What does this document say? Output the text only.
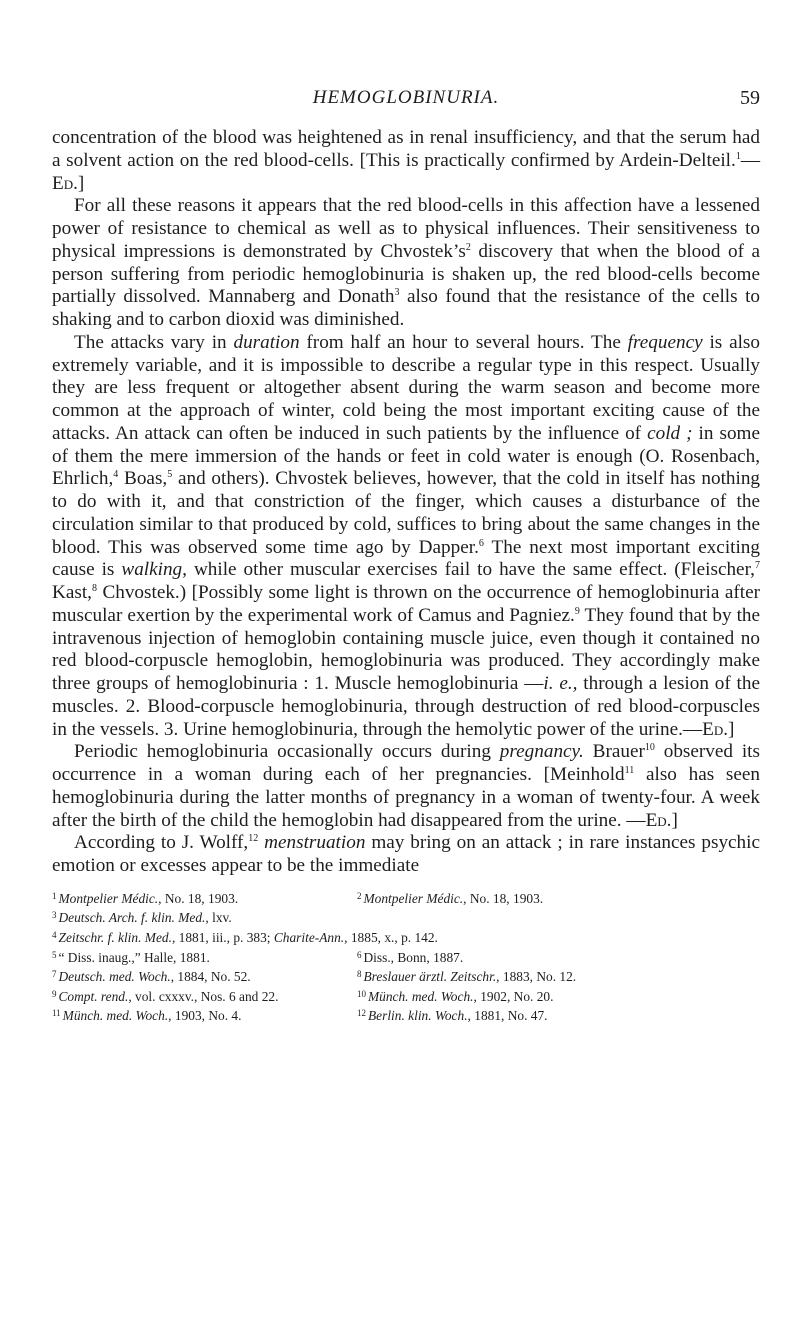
HEMOGLOBINURIA.	59

concentration of the blood was heightened as in renal insufficiency, and that the serum had a solvent action on the red blood-cells. [This is practically confirmed by Ardein-Delteil.$^1$—Ed.]

For all these reasons it appears that the red blood-cells in this affection have a lessened power of resistance to chemical as well as to physical influences. Their sensitiveness to physical impressions is demonstrated by $Chvostek’s^2$ discovery that when the blood of a person suffering from periodic hemoglobinuria is shaken up, the red blood-cells become partially dissolved. Mannaberg and Donath$^3$ also found that the resistance of the cells to shaking and to carbon dioxid was diminished.

The attacks vary in duration from half an hour to several hours. The frequency is also extremely variable, and it is impossible to describe a regular type in this respect. Usually they are less frequent or altogether absent during the warm season and become more common at the approach of winter, cold being the most important exciting cause of the attacks. An attack can often be induced in such patients by the influence of cold ; in some of them the mere immersion of the hands or feet in cold water is enough (O. Rosenbach, Ehrlich,$^4$ Boas,$^5$ and others). Chvostek believes, however, that the cold in itself has nothing to do with it, and that constriction of the finger, which causes a disturbance of the circulation similar to that produced by cold, suffices to bring about the same changes in the blood. This was observed some time ago by Dapper.$^6$ The next most important exciting cause is walking, while other muscular exercises fail to have the same effect. (Fleischer,$^7$ Kast,$^8$ Chvostek.) [Possibly some light is thrown on the occurrence of hemoglobinuria after muscular exertion by the experimental work of Camus and Pagniez.$^9$ They found that by the intravenous injection of hemoglobin containing muscle juice, even though it contained no red blood-corpuscle hemoglobin, hemoglobinuria was produced. They accordingly make three groups of hemoglobinuria : 1. Muscle hemoglobinuria —i. e., through a lesion of the muscles. 2. Blood-corpuscle hemoglobinuria, through destruction of red blood-corpuscles in the vessels. 3. Urine hemoglobinuria, through the hemolytic power of the urine.—Ed.]

Periodic hemoglobinuria occasionally occurs during pregnancy. Brauer$^{10}$ observed its occurrence in a woman during each of her pregnancies. [Meinhold$^{11}$ also has seen hemoglobinuria during the latter months of pregnancy in a woman of twenty-four. A week after the birth of the child the hemoglobin had disappeared from the urine. —Ed.]

According to J. Wolff,$^{12}$ menstruation may bring on an attack ; in rare instances psychic emotion or excesses appear to be the immediate

$^1$ Montpelier Médic., No. 18, 1903.	$^2$ Montpelier Médic., No. 18, 1903.
$^3$ Deutsch. Arch. f. klin. Med., lxv.
$^4$ Zeitschr. f. klin. Med., 1881, iii., p. 383; Charite-Ann., 1885, x., p. 142.
$^5$ “ Diss. inaug.,” Halle, 1881.	$^6$ Diss., Bonn, 1887.
$^7$ Deutsch. med. Woch., 1884, No. 52.	$^8$ Breslauer ärztl. Zeitschr., 1883, No. 12.
$^9$ Compt. rend., vol. cxxxv., Nos. 6 and 22.	$^{10}$ Münch. med. Woch., 1902, No. 20.
$^{11}$ Münch. med. Woch., 1903, No. 4.	$^{12}$ Berlin. klin. Woch., 1881, No. 47.
